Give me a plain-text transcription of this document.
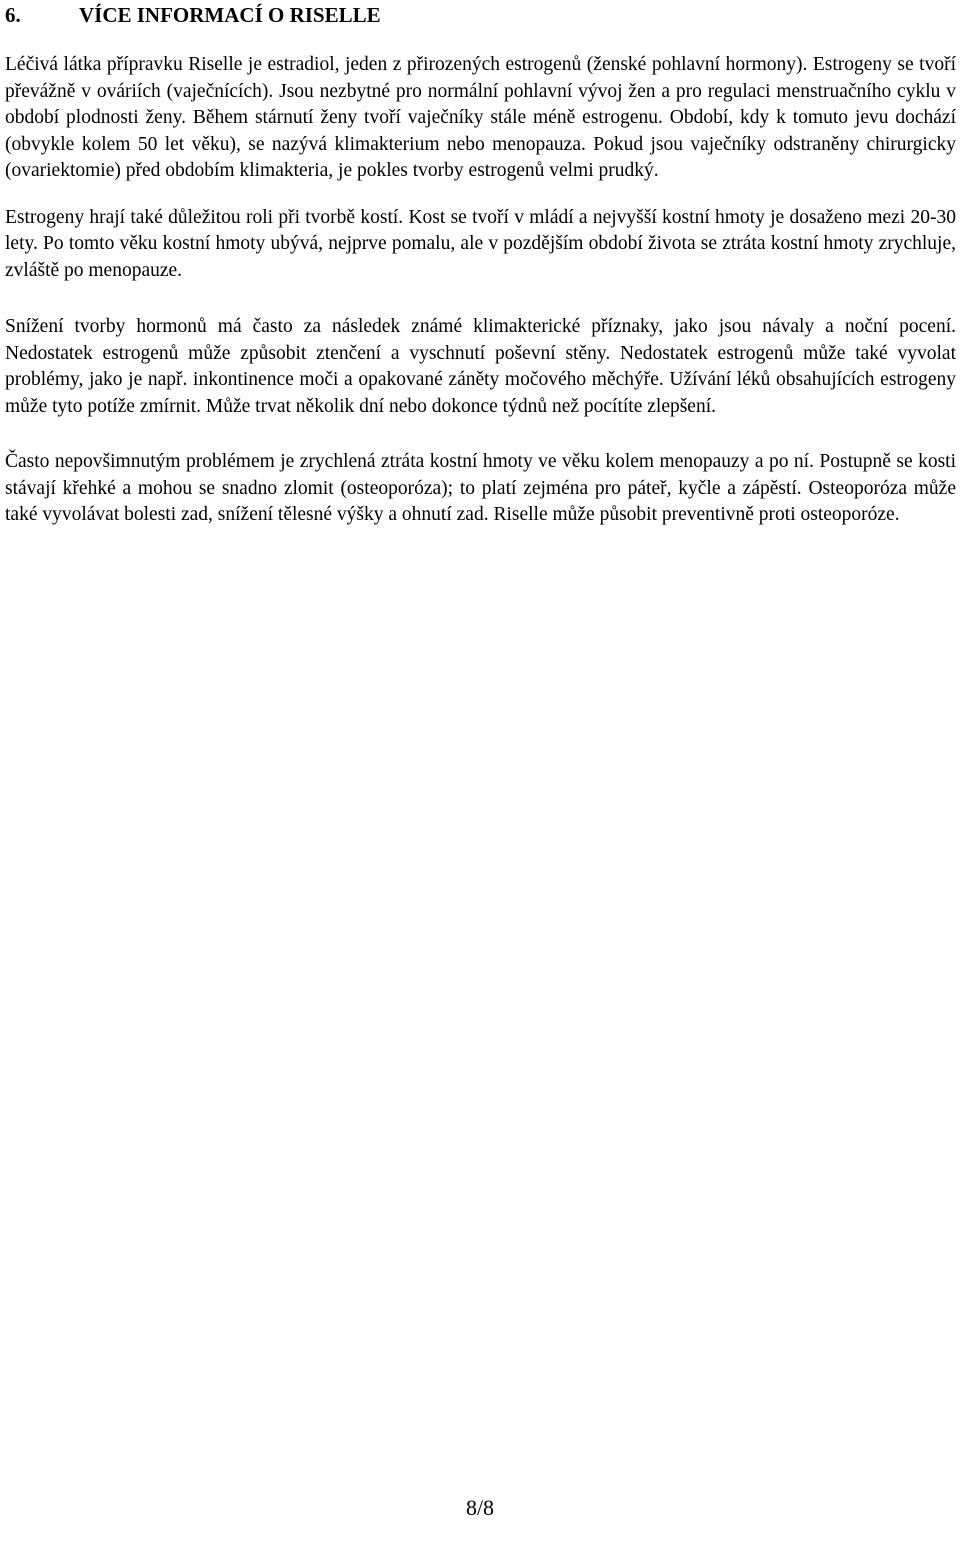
6.	VÍCE INFORMACÍ O RISELLE

Léčivá látka přípravku Riselle je estradiol, jeden z přirozených estrogenů (ženské pohlavní hormony). Estrogeny se tvoří převážně v ováriích (vaječnících). Jsou nezbytné pro normální pohlavní vývoj žen a pro regulaci menstruačního cyklu v období plodnosti ženy. Během stárnutí ženy tvoří vaječníky stále méně estrogenu. Období, kdy k tomuto jevu dochází (obvykle kolem 50 let věku), se nazývá klimakterium nebo menopauza. Pokud jsou vaječníky odstraněny chirurgicky (ovariektomie) před obdobím klimakteria, je pokles tvorby estrogenů velmi prudký.

Estrogeny hrají také důležitou roli při tvorbě kostí. Kost se tvoří v mládí a nejvyšší kostní hmoty je dosaženo mezi 20-30 lety. Po tomto věku kostní hmoty ubývá, nejprve pomalu, ale v pozdějším období života se ztráta kostní hmoty zrychluje, zvláště po menopauze.

Snížení tvorby hormonů má často za následek známé klimakterické příznaky, jako jsou návaly a noční pocení. Nedostatek estrogenů může způsobit ztenčení a vyschnutí poševní stěny. Nedostatek estrogenů může také vyvolat problémy, jako je např. inkontinence moči a opakované záněty močového měchýře. Užívání léků obsahujících estrogeny může tyto potíže zmírnit. Může trvat několik dní nebo dokonce týdnů než pocítíte zlepšení.

Často nepovšimnutým problémem je zrychlená ztráta kostní hmoty ve věku kolem menopauzy a po ní. Postupně se kosti stávají křehké a mohou se snadno zlomit (osteoporóza); to platí zejména pro páteř, kyčle a zápěstí. Osteoporóza může také vyvolávat bolesti zad, snížení tělesné výšky a ohnutí zad. Riselle může působit preventivně proti osteoporóze.

8/8
